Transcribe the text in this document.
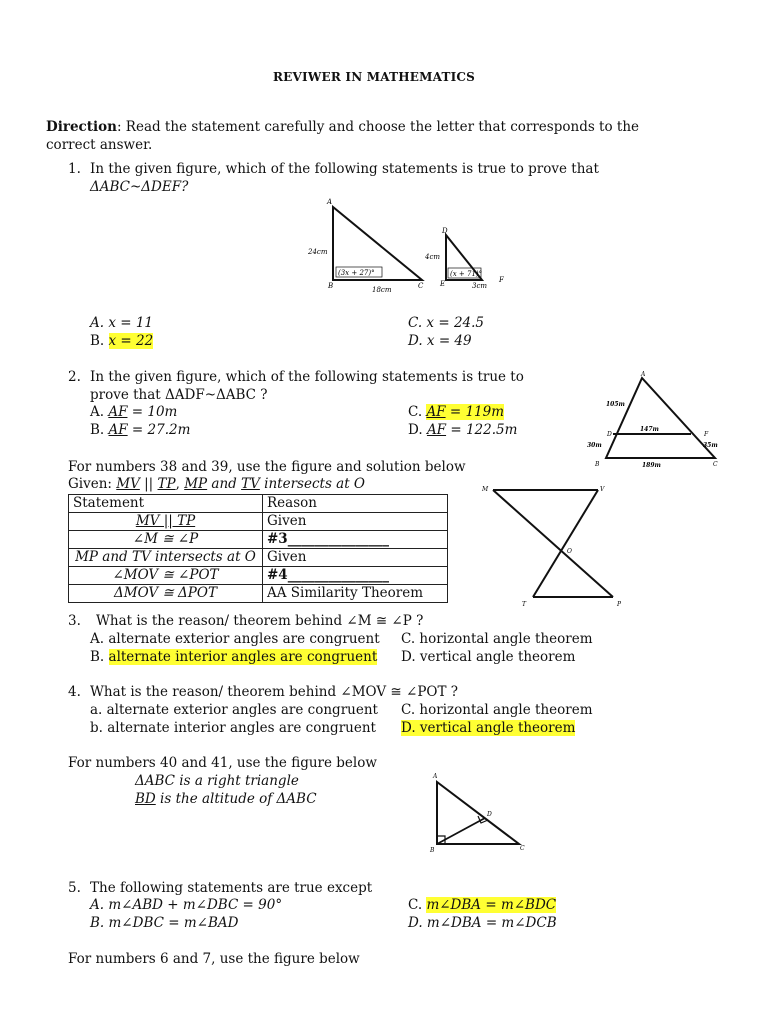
REVIWER IN MATHEMATICS
Direction: Read the statement carefully and choose the letter that corresponds to the
correct answer.
1. In the given figure, which of the following statements is true to prove that
ΔABC~ΔDEF?
A
B	C
D
E	F
24cm
18cm
(3x + 27)°
4cm
3cm
(x + 71)°
A. x = 11
B. x = 22
C. x = 24.5
D. x = 49
2. In the given figure, which of the following statements is true to
prove that ΔADF~ΔABC ?
A. AF = 10m
B. AF = 27.2m
C. AF = 119m
D. AF = 122.5m
A
B	C
D	F
105m
147m
30m	35m
189m
For numbers 38 and 39, use the figure and solution below
Given: MV || TP, MP and TV intersects at O
Statement	Reason
MV || TP	Given
∠M ≅ ∠P	#3_______________
MP and TV intersects at O	Given
∠MOV ≅ ∠POT	#4_______________
ΔMOV ≅ ΔPOT	AA Similarity Theorem
M	V
O
T	P
3. What is the reason/ theorem behind ∠M ≅ ∠P ?
A. alternate exterior angles are congruent
B. alternate interior angles are congruent
C. horizontal angle theorem
D. vertical angle theorem
4. What is the reason/ theorem behind ∠MOV ≅ ∠POT ?
a. alternate exterior angles are congruent
b. alternate interior angles are congruent
C. horizontal angle theorem
D. vertical angle theorem
For numbers 40 and 41, use the figure below
ΔABC is a right triangle
BD is the altitude of ΔABC
A
B	C
D
5. The following statements are true except
A. m∠ABD + m∠DBC = 90°
B. m∠DBC = m∠BAD
C. m∠DBA = m∠BDC
D. m∠DBA = m∠DCB
For numbers 6 and 7, use the figure below
